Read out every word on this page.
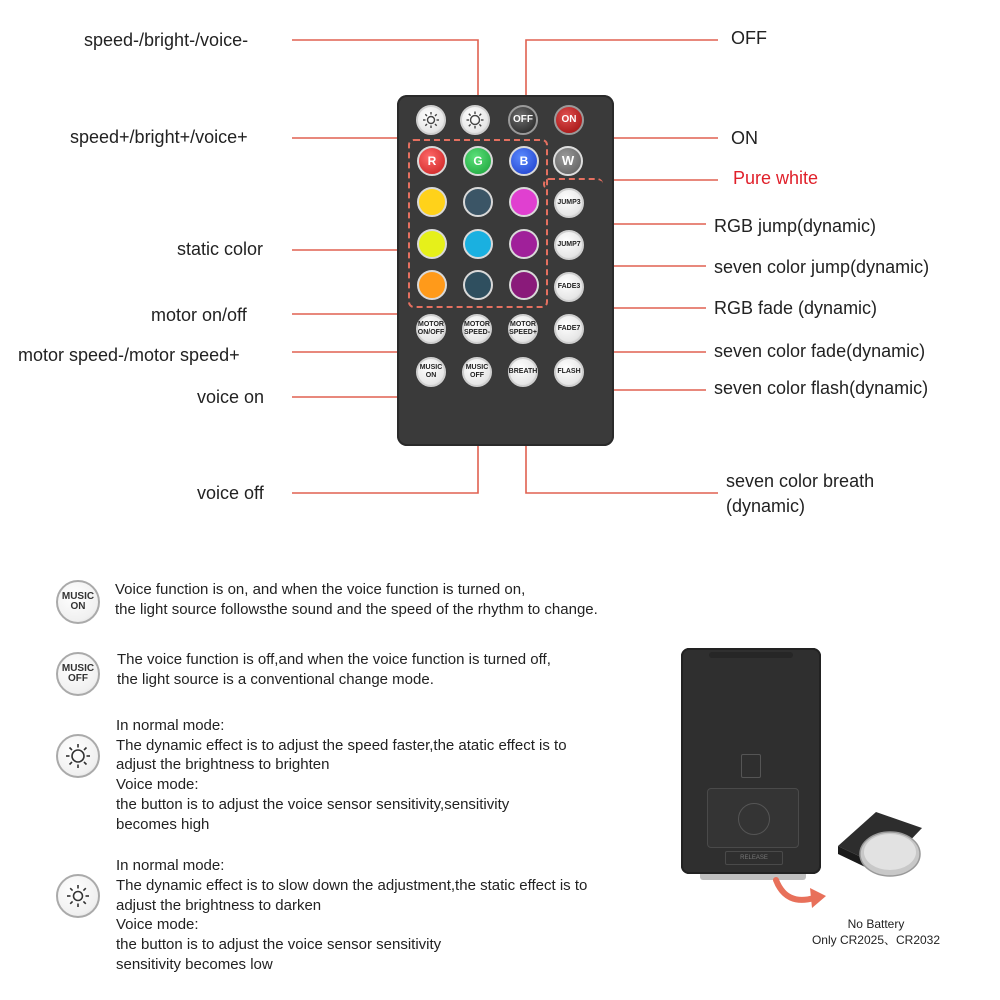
speed-/bright-/voice-
speed+/bright+/voice+
static color
motor on/off
motor speed-/motor speed+
voice on
voice off
OFF
ON
Pure white
RGB jump(dynamic)
seven color jump(dynamic)
RGB fade (dynamic)
seven color fade(dynamic)
seven color flash(dynamic)
seven color breath
(dynamic)
OFF	ON
R	G	B	W
JUMP3
JUMP7
FADE3
FADE7
MOTOR
ON/OFF
MOTOR
SPEED-
MOTOR
SPEED+
MUSIC
ON
MUSIC
OFF
BREATH	FLASH
MUSIC
ON
Voice function is on, and when the voice function is turned on,
the light source followsthe sound and the speed of the rhythm to change.
MUSIC
OFF
The voice function is off,and when the voice function is turned off,
the light source is a conventional change mode.
In normal mode:
The dynamic effect is to adjust the speed faster,the atatic effect is to
adjust the brightness to brighten
Voice mode:
the button is to adjust the voice sensor sensitivity,sensitivity
becomes high
In normal mode:
The dynamic effect is to slow down the adjustment,the static effect is to
adjust the brightness to darken
Voice mode:
the button is to adjust the voice sensor sensitivity
sensitivity becomes low
RELEASE
No Battery
Only CR2025、CR2032
